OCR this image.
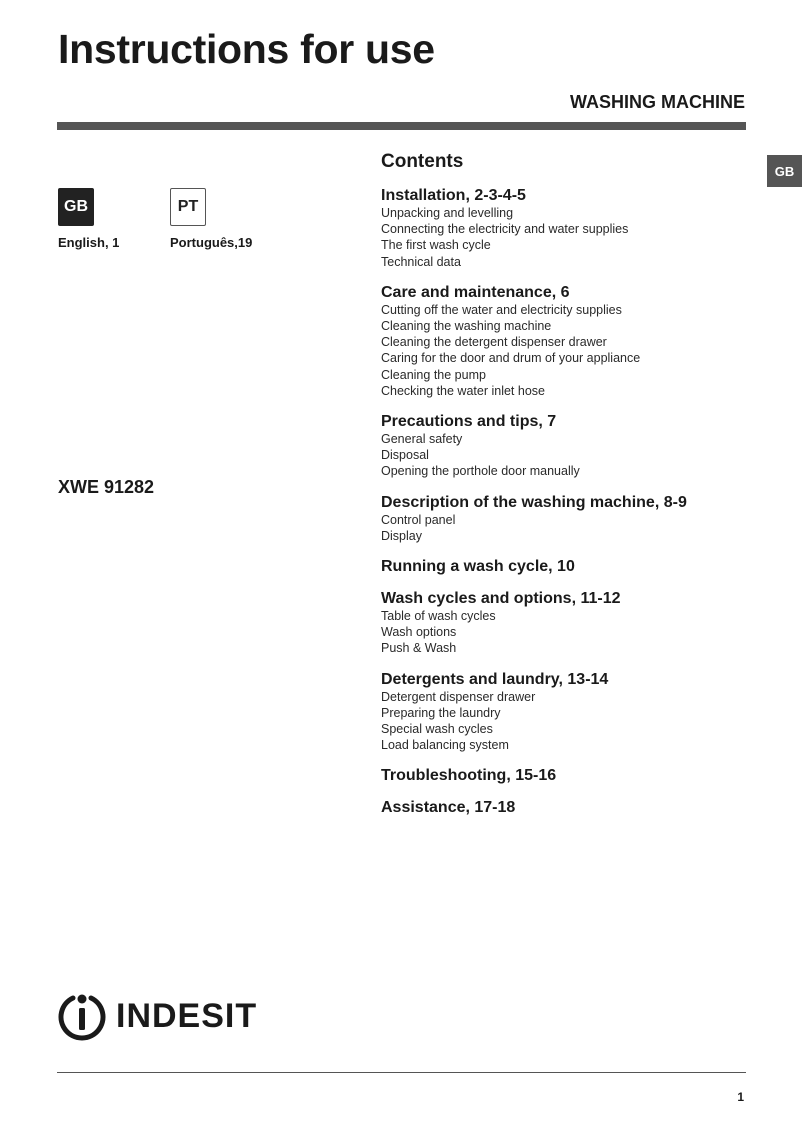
Instructions for use
WASHING MACHINE
GB
GB
English, 1
PT
Português,19
XWE 91282
Contents
Installation, 2-3-4-5
Unpacking and levelling
Connecting the electricity and water supplies
The first wash cycle
Technical data
Care and maintenance, 6
Cutting off the water and electricity supplies
Cleaning the washing machine
Cleaning the detergent dispenser drawer
Caring for the door and drum of your appliance
Cleaning the pump
Checking the water inlet hose
Precautions and tips, 7
General safety
Disposal
Opening the porthole door manually
Description of the washing machine, 8-9
Control panel
Display
Running a wash cycle, 10
Wash cycles and options, 11-12
Table of wash cycles
Wash options
Push & Wash
Detergents and laundry, 13-14
Detergent dispenser drawer
Preparing the laundry
Special wash cycles
Load balancing system
Troubleshooting, 15-16
Assistance, 17-18
INDESIT
1
